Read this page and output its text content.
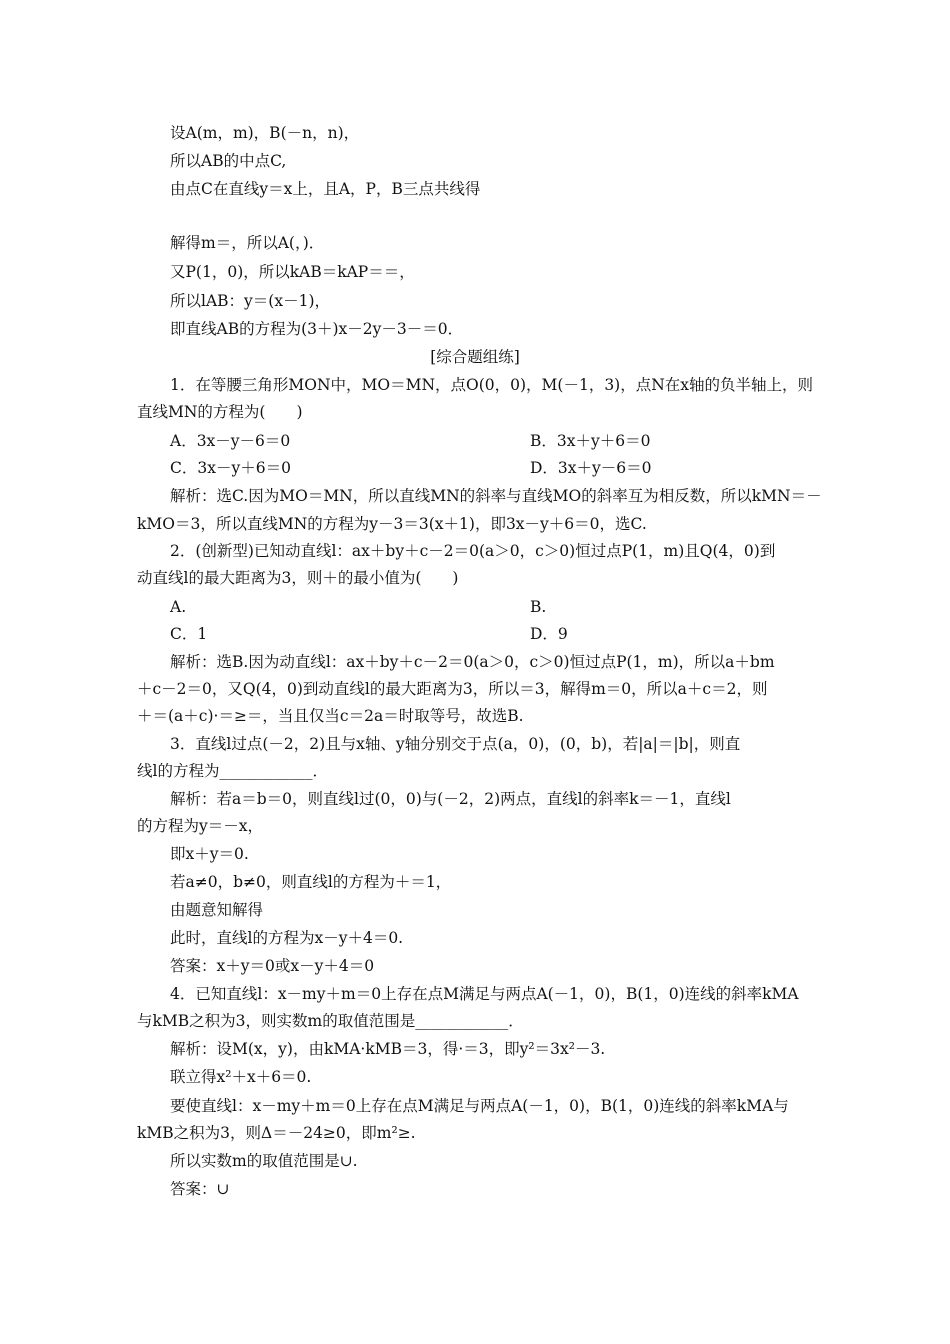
设A(m，m)，B(－n，n)，
所以AB的中点C,
由点C在直线y＝x上，且A，P，B三点共线得
解得m＝，所以A(，)．
又P(1，0)，所以kAB＝kAP＝＝，
所以lAB：y＝(x－1)，
即直线AB的方程为(3＋)x－2y－3－＝0．
[综合题组练]
1．在等腰三角形MON中，MO＝MN，点O(0，0)，M(－1，3)，点N在x轴的负半轴上，则
直线MN的方程为(　　)
A．3x－y－6＝0	B．3x＋y＋6＝0
C．3x－y＋6＝0	D．3x＋y－6＝0
解析：选C.因为MO＝MN，所以直线MN的斜率与直线MO的斜率互为相反数，所以kMN＝－
kMO＝3，所以直线MN的方程为y－3＝3(x＋1)，即3x－y＋6＝0，选C.
2．(创新型)已知动直线l：ax＋by＋c－2＝0(a＞0，c＞0)恒过点P(1，m)且Q(4，0)到
动直线l的最大距离为3，则＋的最小值为(　　)
A.	B.
C．1	D．9
解析：选B.因为动直线l：ax＋by＋c－2＝0(a＞0，c＞0)恒过点P(1，m)，所以a＋bm
＋c－2＝0，又Q(4，0)到动直线l的最大距离为3，所以＝3，解得m＝0，所以a＋c＝2，则
＋＝(a＋c)·＝≥＝，当且仅当c＝2a＝时取等号，故选B.
3．直线l过点(－2，2)且与x轴、y轴分别交于点(a，0)，(0，b)，若|a|＝|b|，则直
线l的方程为____________．
解析：若a＝b＝0，则直线l过(0，0)与(－2，2)两点，直线l的斜率k＝－1，直线l
的方程为y＝－x，
即x＋y＝0.
若a≠0，b≠0，则直线l的方程为＋＝1，
由题意知解得
此时，直线l的方程为x－y＋4＝0.
答案：x＋y＝0或x－y＋4＝0
4．已知直线l：x－my＋m＝0上存在点M满足与两点A(－1，0)，B(1，0)连线的斜率kMA
与kMB之积为3，则实数m的取值范围是____________．
解析：设M(x，y)，由kMA·kMB＝3，得·＝3，即y²＝3x²－3.
联立得x²＋x＋6＝0.
要使直线l：x－my＋m＝0上存在点M满足与两点A(－1，0)，B(1，0)连线的斜率kMA与
kMB之积为3，则Δ＝－24≥0，即m²≥.
所以实数m的取值范围是∪.
答案：∪
